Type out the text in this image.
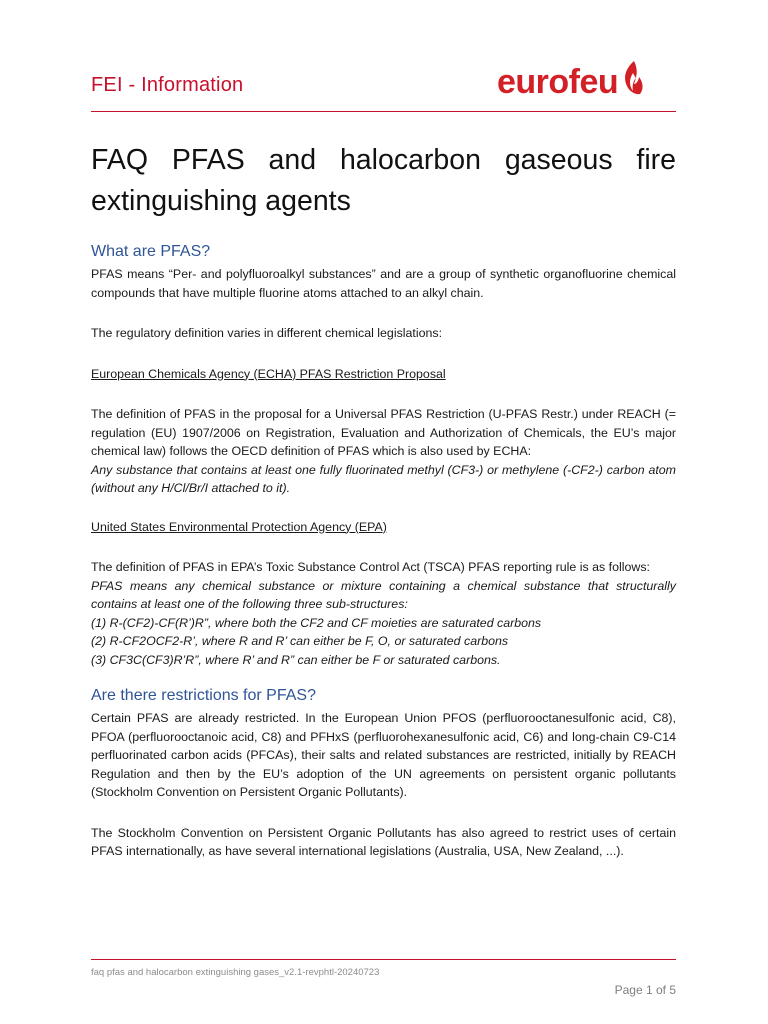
FEI - Information	eurofeu
FAQ PFAS and halocarbon gaseous fire extinguishing agents
What are PFAS?

PFAS means “Per- and polyfluoroalkyl substances” and are a group of synthetic organofluorine chemical compounds that have multiple fluorine atoms attached to an alkyl chain.

The regulatory definition varies in different chemical legislations:

European Chemicals Agency (ECHA) PFAS Restriction Proposal

The definition of PFAS in the proposal for a Universal PFAS Restriction (U-PFAS Restr.) under REACH (= regulation (EU) 1907/2006 on Registration, Evaluation and Authorization of Chemicals, the EU’s major chemical law) follows the OECD definition of PFAS which is also used by ECHA:

Any substance that contains at least one fully fluorinated methyl (CF3-) or methylene (-CF2-) carbon atom (without any H/Cl/Br/I attached to it).

United States Environmental Protection Agency (EPA)

The definition of PFAS in EPA’s Toxic Substance Control Act (TSCA) PFAS reporting rule is as follows:

PFAS means any chemical substance or mixture containing a chemical substance that structurally contains at least one of the following three sub-structures:

(1) R-(CF2)-CF(R’)R”, where both the CF2 and CF moieties are saturated carbons

(2) R-CF2OCF2-R’, where R and R’ can either be F, O, or saturated carbons

(3) CF3C(CF3)R’R”, where R’ and R” can either be F or saturated carbons.

Are there restrictions for PFAS?

Certain PFAS are already restricted. In the European Union PFOS (perfluorooctanesulfonic acid, C8), PFOA (perfluorooctanoic acid, C8) and PFHxS (perfluorohexanesulfonic acid, C6) and long-chain C9-C14 perfluorinated carbon acids (PFCAs), their salts and related substances are restricted, initially by REACH Regulation and then by the EU’s adoption of the UN agreements on persistent organic pollutants (Stockholm Convention on Persistent Organic Pollutants).

The Stockholm Convention on Persistent Organic Pollutants has also agreed to restrict uses of certain PFAS internationally, as have several international legislations (Australia, USA, New Zealand, ...).

faq pfas and halocarbon extinguishing gases_v2.1-revphtl-20240723
Page 1 of 5
